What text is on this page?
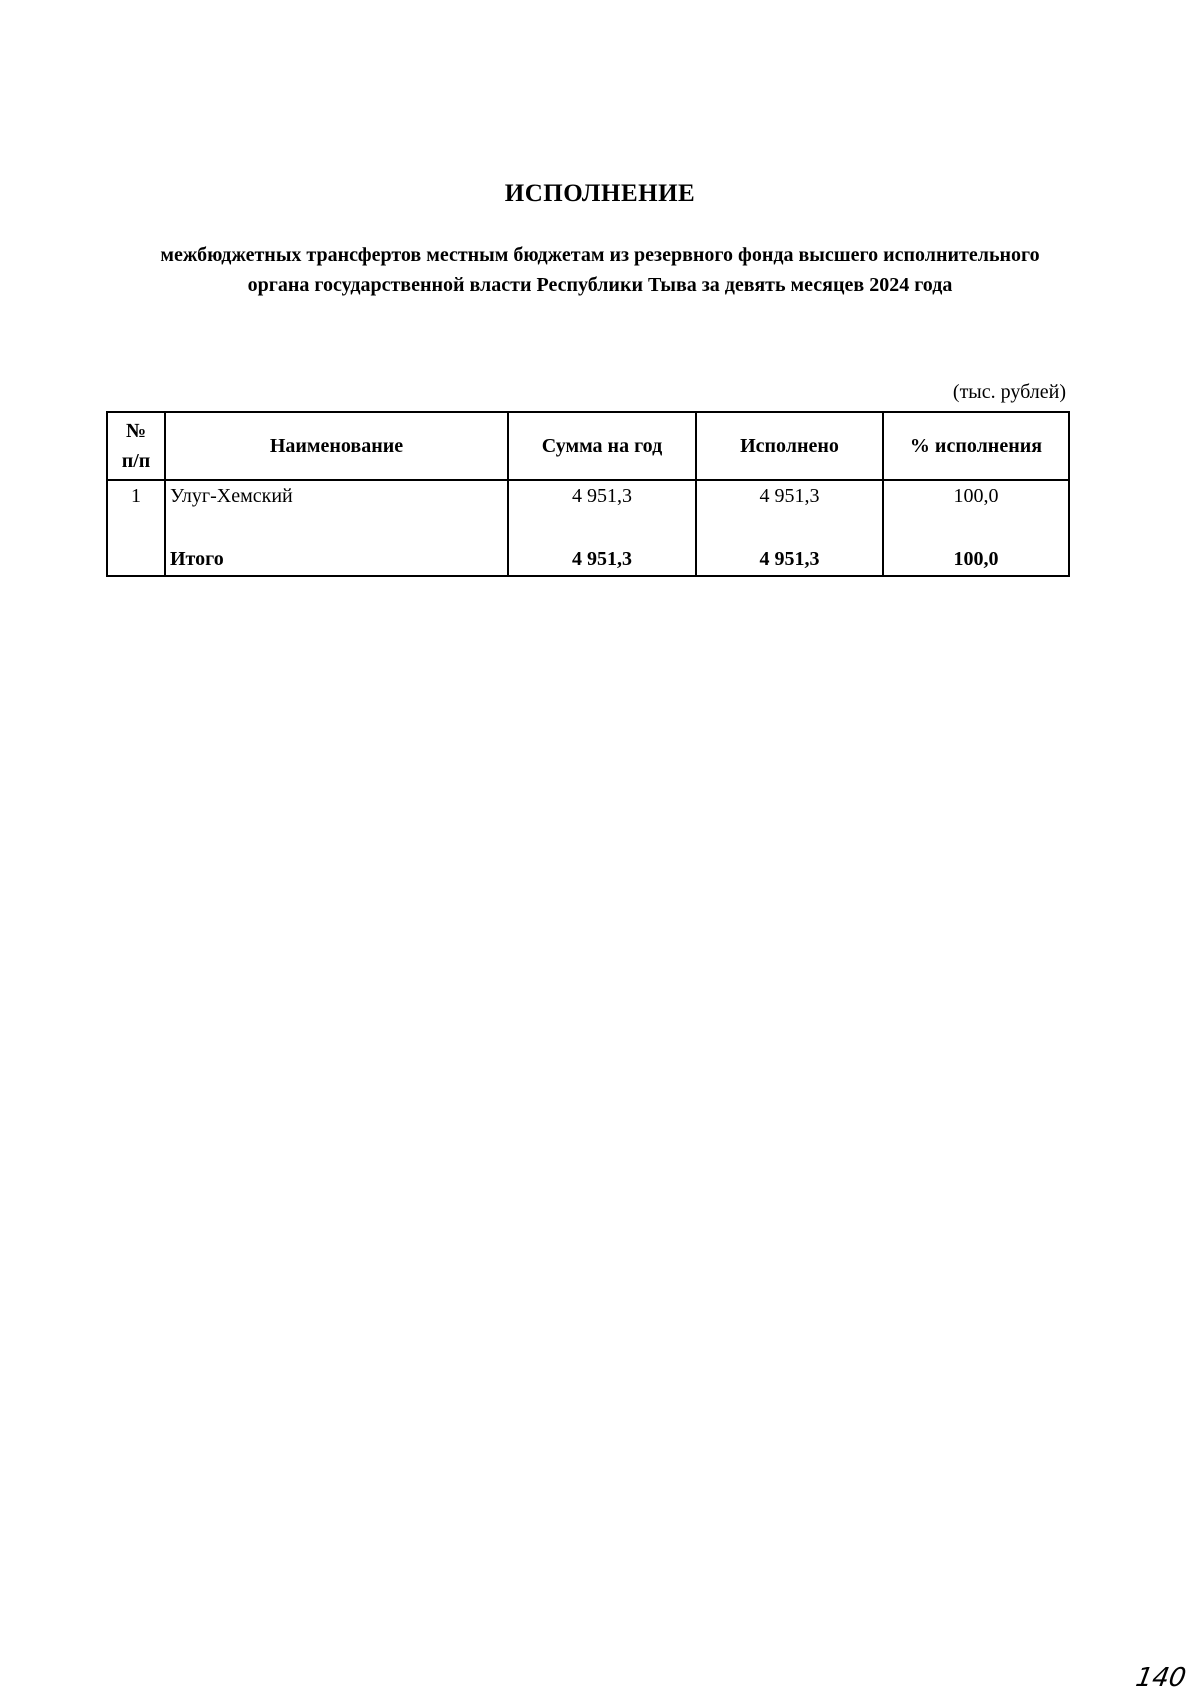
ИСПОЛНЕНИЕ

межбюджетных трансфертов местным бюджетам из резервного фонда высшего исполнительного органа государственной власти Республики Тыва за девять месяцев 2024 года

(тыс. рублей)
№
п/п	Наименование	Сумма на год	Исполнено	% исполнения
1	Улуг-Хемский	4 951,3	4 951,3	100,0
	Итого	4 951,3	4 951,3	100,0
140
